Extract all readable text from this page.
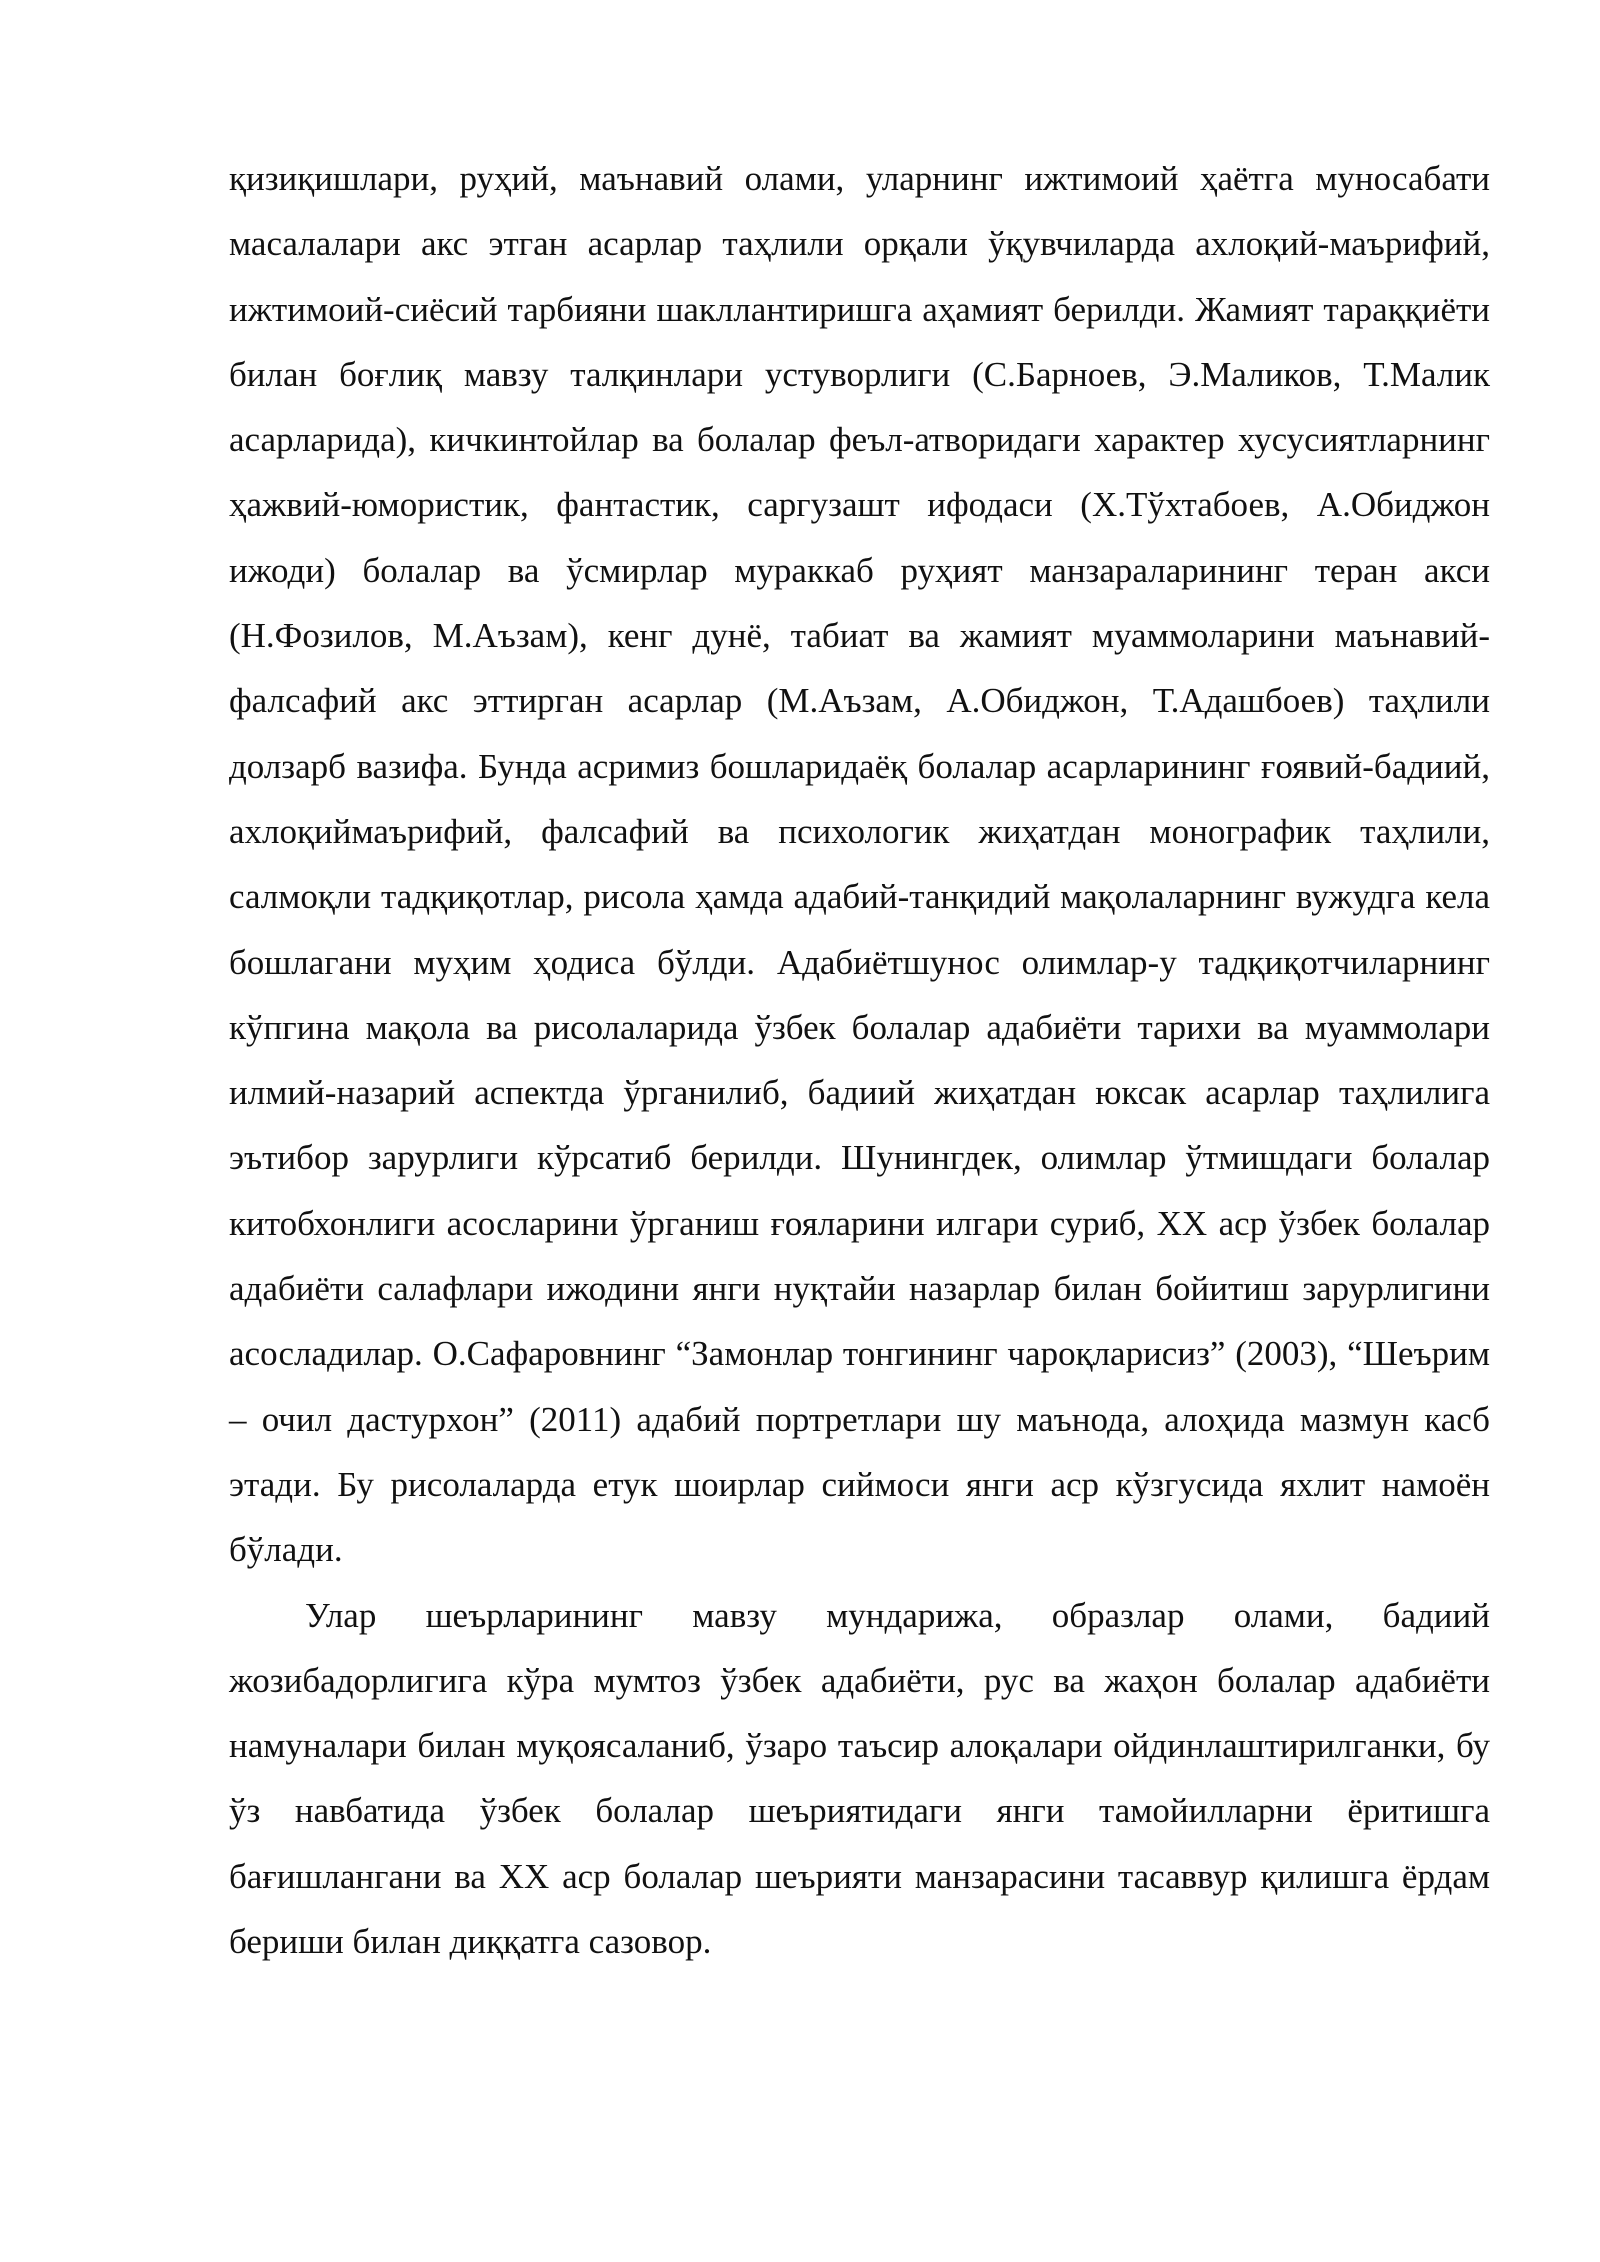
қизиқишлари, руҳий, маънавий олами, уларнинг ижтимоий ҳаётга муносабати масалалари акс этган асарлар таҳлили орқали ўқувчиларда ахлоқий-маърифий, ижтимоий-сиёсий тарбияни шакллантиришга аҳамият берилди. Жамият тараққиёти билан боғлиқ мавзу талқинлари устуворлиги (С.Барноев, Э.Маликов, Т.Малик асарларида), кичкинтойлар ва болалар феъл-атворидаги характер хусусиятларнинг ҳажвий-юмористик, фантастик, саргузашт ифодаси (Х.Тўхтабоев, А.Обиджон ижоди) болалар ва ўсмирлар мураккаб руҳият манзараларининг теран акси (Н.Фозилов, М.Аъзам), кенг дунё, табиат ва жамият муаммоларини маънавий-фалсафий акс эттирган асарлар (М.Аъзам, А.Обиджон, Т.Адашбоев) таҳлили долзарб вазифа. Бунда асримиз бошларидаёқ болалар асарларининг ғоявий-бадиий, ахлоқиймаърифий, фалсафий ва психологик жиҳатдан монографик таҳлили, салмоқли тадқиқотлар, рисола ҳамда адабий-танқидий мақолаларнинг вужудга кела бошлагани муҳим ҳодиса бўлди. Адабиётшунос олимлар-у тадқиқотчиларнинг кўпгина мақола ва рисолаларида ўзбек болалар адабиёти тарихи ва муаммолари илмий-назарий аспектда ўрганилиб, бадиий жиҳатдан юксак асарлар таҳлилига эътибор зарурлиги кўрсатиб берилди. Шунингдек, олимлар ўтмишдаги болалар китобхонлиги асосларини ўрганиш ғояларини илгари суриб, XX аср ўзбек болалар адабиёти салафлари ижодини янги нуқтайи назарлар билан бойитиш зарурлигини асосладилар. О.Сафаровнинг “Замонлар тонгининг чароқларисиз” (2003), “Шеърим – очил дастурхон” (2011) адабий портретлари шу маънода, алоҳида мазмун касб этади. Бу рисолаларда етук шоирлар сиймоси янги аср кўзгусида яхлит намоён бўлади.

Улар шеърларининг мавзу мундарижа, образлар олами, бадиий жозибадорлигига кўра мумтоз ўзбек адабиёти, рус ва жаҳон болалар адабиёти намуналари билан муқоясаланиб, ўзаро таъсир алоқалари ойдинлаштирилганки, бу ўз навбатида ўзбек болалар шеъриятидаги янги тамойилларни ёритишга бағишлангани ва XX аср болалар шеърияти манзарасини тасаввур қилишга ёрдам бериши билан диққатга сазовор.
